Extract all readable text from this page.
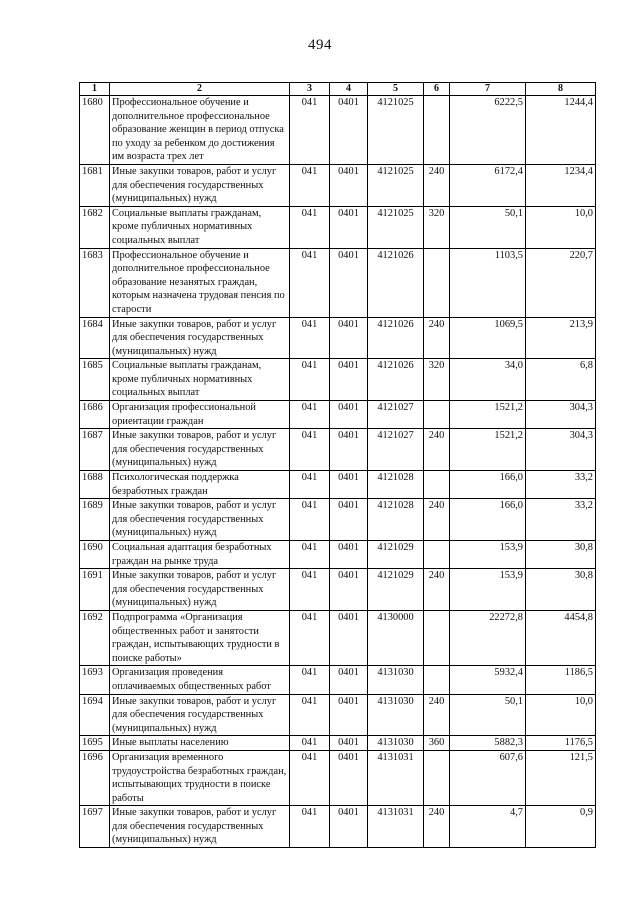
494
1	2	3	4	5	6	7	8
1680	Профессиональное обучение и дополнительное профессиональное образование женщин в период отпуска по уходу за ребенком до достижения им возраста трех лет	041	0401	4121025		6222,5	1244,4
1681	Иные закупки товаров, работ и услуг для обеспечения государственных (муниципальных) нужд	041	0401	4121025	240	6172,4	1234,4
1682	Социальные выплаты гражданам, кроме публичных нормативных социальных выплат	041	0401	4121025	320	50,1	10,0
1683	Профессиональное обучение и дополнительное профессиональное образование незанятых граждан, которым назначена трудовая пенсия по старости	041	0401	4121026		1103,5	220,7
1684	Иные закупки товаров, работ и услуг для обеспечения государственных (муниципальных) нужд	041	0401	4121026	240	1069,5	213,9
1685	Социальные выплаты гражданам, кроме публичных нормативных социальных выплат	041	0401	4121026	320	34,0	6,8
1686	Организация профессиональной ориентации граждан	041	0401	4121027		1521,2	304,3
1687	Иные закупки товаров, работ и услуг для обеспечения государственных (муниципальных) нужд	041	0401	4121027	240	1521,2	304,3
1688	Психологическая поддержка безработных граждан	041	0401	4121028		166,0	33,2
1689	Иные закупки товаров, работ и услуг для обеспечения государственных (муниципальных) нужд	041	0401	4121028	240	166,0	33,2
1690	Социальная адаптация безработных граждан на рынке труда	041	0401	4121029		153,9	30,8
1691	Иные закупки товаров, работ и услуг для обеспечения государственных (муниципальных) нужд	041	0401	4121029	240	153,9	30,8
1692	Подпрограмма «Организация общественных работ и занятости граждан, испытывающих трудности в поиске работы»	041	0401	4130000		22272,8	4454,8
1693	Организация проведения оплачиваемых общественных работ	041	0401	4131030		5932,4	1186,5
1694	Иные закупки товаров, работ и услуг для обеспечения государственных (муниципальных) нужд	041	0401	4131030	240	50,1	10,0
1695	Иные выплаты населению	041	0401	4131030	360	5882,3	1176,5
1696	Организация временного трудоустройства безработных граждан, испытывающих трудности в поиске работы	041	0401	4131031		607,6	121,5
1697	Иные закупки товаров, работ и услуг для обеспечения государственных (муниципальных) нужд	041	0401	4131031	240	4,7	0,9
